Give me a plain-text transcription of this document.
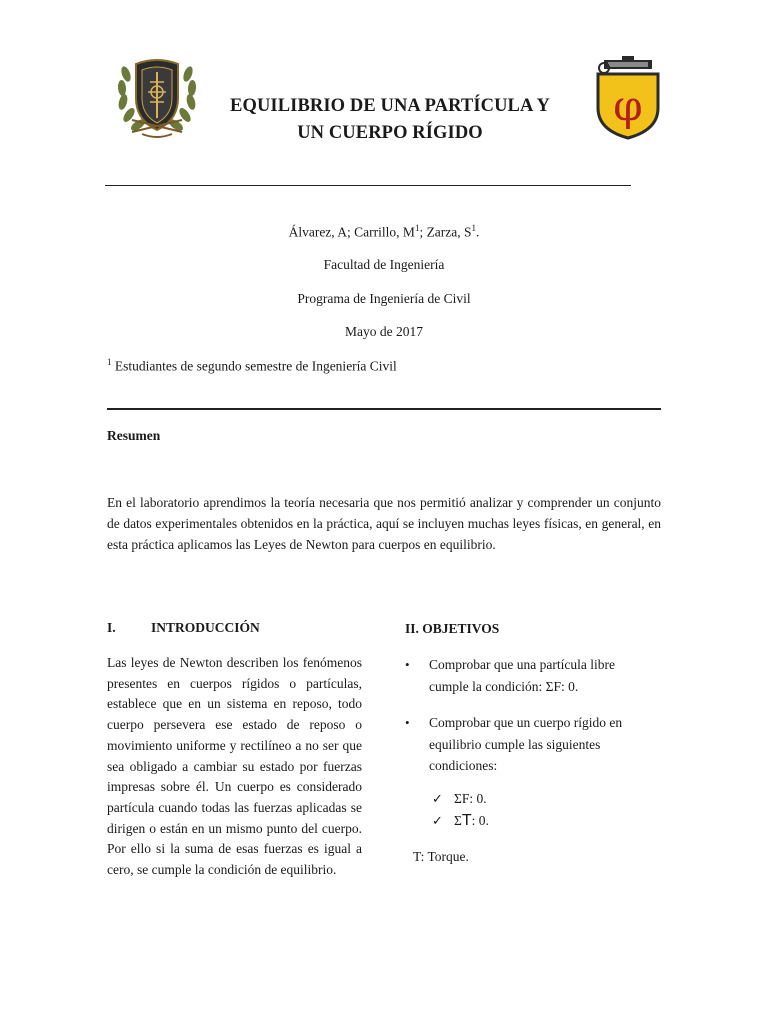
EQUILIBRIO DE UNA PARTÍCULA Y
UN CUERPO RÍGIDO
φ
Álvarez, A; Carrillo, $M^1$; Zarza, $S^1$.
Facultad de Ingeniería
Programa de Ingeniería de Civil
Mayo de 2017
$^1$ Estudiantes de segundo semestre de Ingeniería Civil
Resumen
En el laboratorio aprendimos la teoría necesaria que nos permitió analizar y comprender un conjunto de datos experimentales obtenidos en la práctica, aquí se incluyen muchas leyes físicas, en general, en esta práctica aplicamos las Leyes de Newton para cuerpos en equilibrio.
I.	INTRODUCCIÓN
Las leyes de Newton describen los fenómenos presentes en cuerpos rígidos o partículas, establece que en un sistema en reposo, todo cuerpo persevera ese estado de reposo o movimiento uniforme y rectilíneo a no ser que sea obligado a cambiar su estado por fuerzas impresas sobre él. Un cuerpo es considerado partícula cuando todas las fuerzas aplicadas se dirigen o están en un mismo punto del cuerpo. Por ello si la suma de esas fuerzas es igual a cero, se cumple la condición de equilibrio.
II. OBJETIVOS
•	Comprobar que una partícula libre cumple la condición: ΣF: 0.
•	Comprobar que un cuerpo rígido en equilibrio cumple las siguientes condiciones:
✓ ΣF: 0.
✓ ΣT: 0.
T: Torque.
